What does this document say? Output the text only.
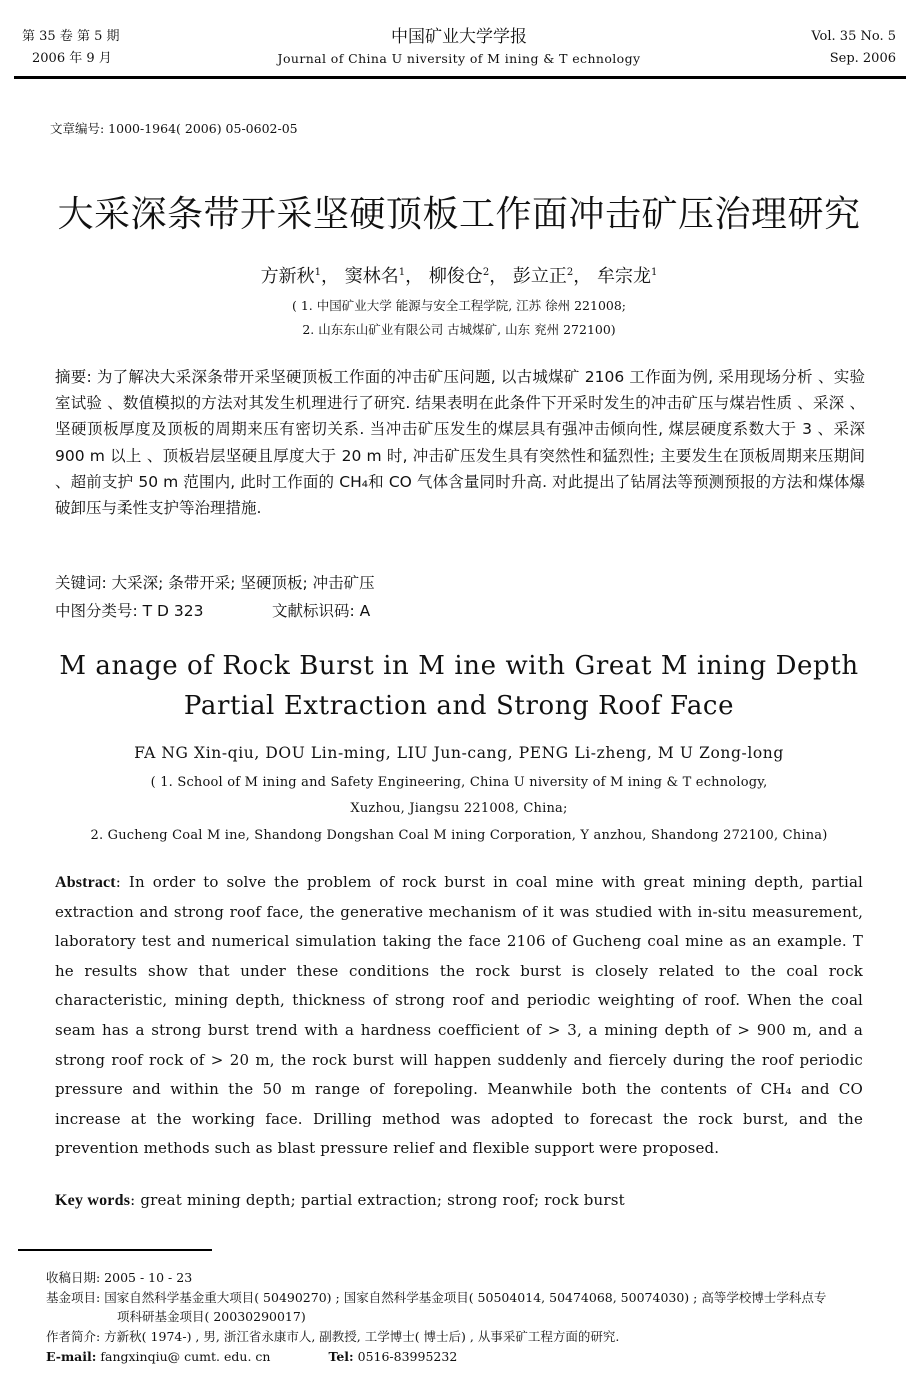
第 35 卷 第 5 期
2006 年 9 月
中国矿业大学学报
Journal of China U niversity of M ining & T echnology
Vol. 35 No. 5
Sep. 2006
文章编号: 1000-1964( 2006) 05-0602-05
大采深条带开采坚硬顶板工作面冲击矿压治理研究
方新秋$^1$， 窦林名$^1$， 柳俊仓$^2$， 彭立正$^2$， 牟宗龙$^1$
( 1. 中国矿业大学 能源与安全工程学院, 江苏 徐州 221008;
2. 山东东山矿业有限公司 古城煤矿, 山东 兖州 272100)
摘要: 为了解决大采深条带开采坚硬顶板工作面的冲击矿压问题, 以古城煤矿 2106 工作面为例, 采用现场分析 、实验室试验 、数值模拟的方法对其发生机理进行了研究. 结果表明在此条件下开采时发生的冲击矿压与煤岩性质 、采深 、坚硬顶板厚度及顶板的周期来压有密切关系. 当冲击矿压发生的煤层具有强冲击倾向性, 煤层硬度系数大于 3 、采深 900 m 以上 、顶板岩层坚硬且厚度大于 20 m 时, 冲击矿压发生具有突然性和猛烈性; 主要发生在顶板周期来压期间 、超前支护 50 m 范围内, 此时工作面的 CH₄和 CO 气体含量同时升高. 对此提出了钻屑法等预测预报的方法和煤体爆破卸压与柔性支护等治理措施.
关键词: 大采深; 条带开采; 坚硬顶板; 冲击矿压
中图分类号: T D 323	文献标识码: A
M anage of Rock Burst in M ine with Great M ining Depth
Partial Extraction and Strong Roof Face
FA NG Xin-qiu, DOU Lin-ming, LIU Jun-cang, PENG Li-zheng, M U Zong-long
( 1. School of M ining and Safety Engineering, China U niversity of M ining & T echnology,
Xuzhou, Jiangsu 221008, China;
2. Gucheng Coal M ine, Shandong Dongshan Coal M ining Corporation, Y anzhou, Shandong 272100, China)
Abstract: In order to solve the problem of rock burst in coal mine with great mining depth, partial extraction and strong roof face, the generative mechanism of it was studied with in-situ measurement, laboratory test and numerical simulation taking the face 2106 of Gucheng coal mine as an example. T he results show that under these conditions the rock burst is closely related to the coal rock characteristic, mining depth, thickness of strong roof and periodic weighting of roof. When the coal seam has a strong burst trend with a hardness coefficient of > 3, a mining depth of > 900 m, and a strong roof rock of > 20 m, the rock burst will happen suddenly and fiercely during the roof periodic pressure and within the 50 m range of forepoling. Meanwhile both the contents of CH₄ and CO increase at the working face. Drilling method was adopted to forecast the rock burst, and the prevention methods such as blast pressure relief and flexible support were proposed.
Key words: great mining depth; partial extraction; strong roof; rock burst
收稿日期: 2005 - 10 - 23
基金项目: 国家自然科学基金重大项目( 50490270) ; 国家自然科学基金项目( 50504014, 50474068, 50074030) ; 高等学校博士学科点专
项科研基金项目( 20030290017)
作者简介: 方新秋( 1974-) , 男, 浙江省永康市人, 副教授, 工学博士( 博士后) , 从事采矿工程方面的研究.
E-mail: fangxinqiu@ cumt. edu. cn	Tel: 0516-83995232
